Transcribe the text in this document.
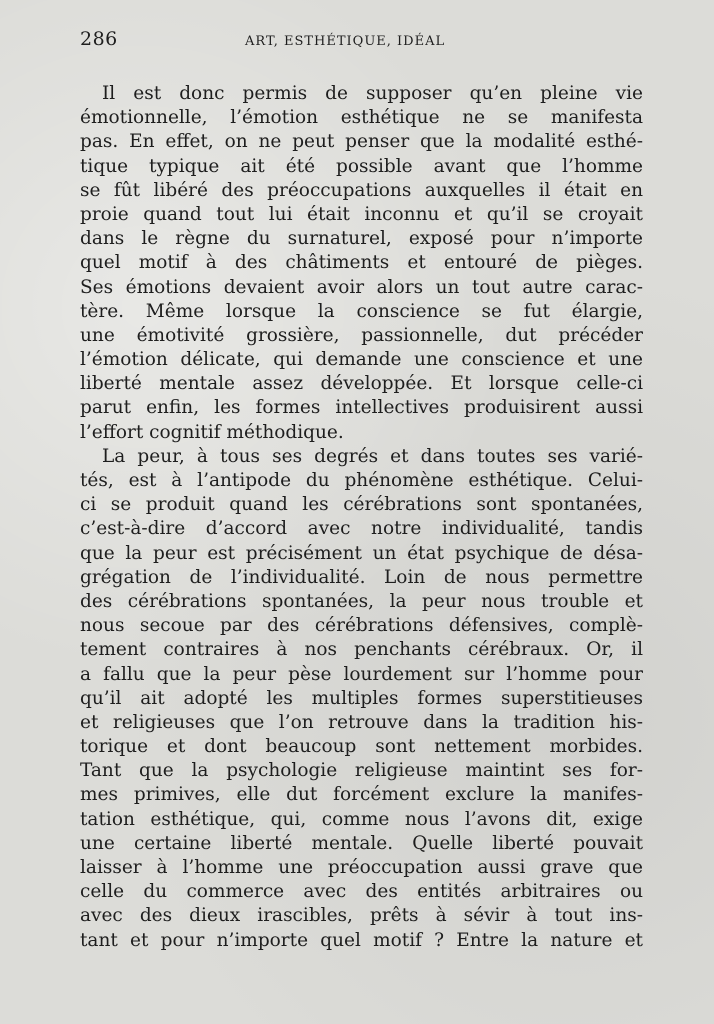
286	ART, ESTHÉTIQUE, IDÉAL
Il est donc permis de supposer qu’en pleine vie
émotionnelle, l’émotion esthétique ne se manifesta
pas. En effet, on ne peut penser que la modalité esthé-
tique typique ait été possible avant que l’homme
se fût libéré des préoccupations auxquelles il était en
proie quand tout lui était inconnu et qu’il se croyait
dans le règne du surnaturel, exposé pour n’importe
quel motif à des châtiments et entouré de pièges.
Ses émotions devaient avoir alors un tout autre carac-
tère. Même lorsque la conscience se fut élargie,
une émotivité grossière, passionnelle, dut précéder
l’émotion délicate, qui demande une conscience et une
liberté mentale assez développée. Et lorsque celle-ci
parut enfin, les formes intellectives produisirent aussi
l’effort cognitif méthodique.
La peur, à tous ses degrés et dans toutes ses varié-
tés, est à l’antipode du phénomène esthétique. Celui-
ci se produit quand les cérébrations sont spontanées,
c’est-à-dire d’accord avec notre individualité, tandis
que la peur est précisément un état psychique de désa-
grégation de l’individualité. Loin de nous permettre
des cérébrations spontanées, la peur nous trouble et
nous secoue par des cérébrations défensives, complè-
tement contraires à nos penchants cérébraux. Or, il
a fallu que la peur pèse lourdement sur l’homme pour
qu’il ait adopté les multiples formes superstitieuses
et religieuses que l’on retrouve dans la tradition his-
torique et dont beaucoup sont nettement morbides.
Tant que la psychologie religieuse maintint ses for-
mes primives, elle dut forcément exclure la manifes-
tation esthétique, qui, comme nous l’avons dit, exige
une certaine liberté mentale. Quelle liberté pouvait
laisser à l’homme une préoccupation aussi grave que
celle du commerce avec des entités arbitraires ou
avec des dieux irascibles, prêts à sévir à tout ins-
tant et pour n’importe quel motif ? Entre la nature et
